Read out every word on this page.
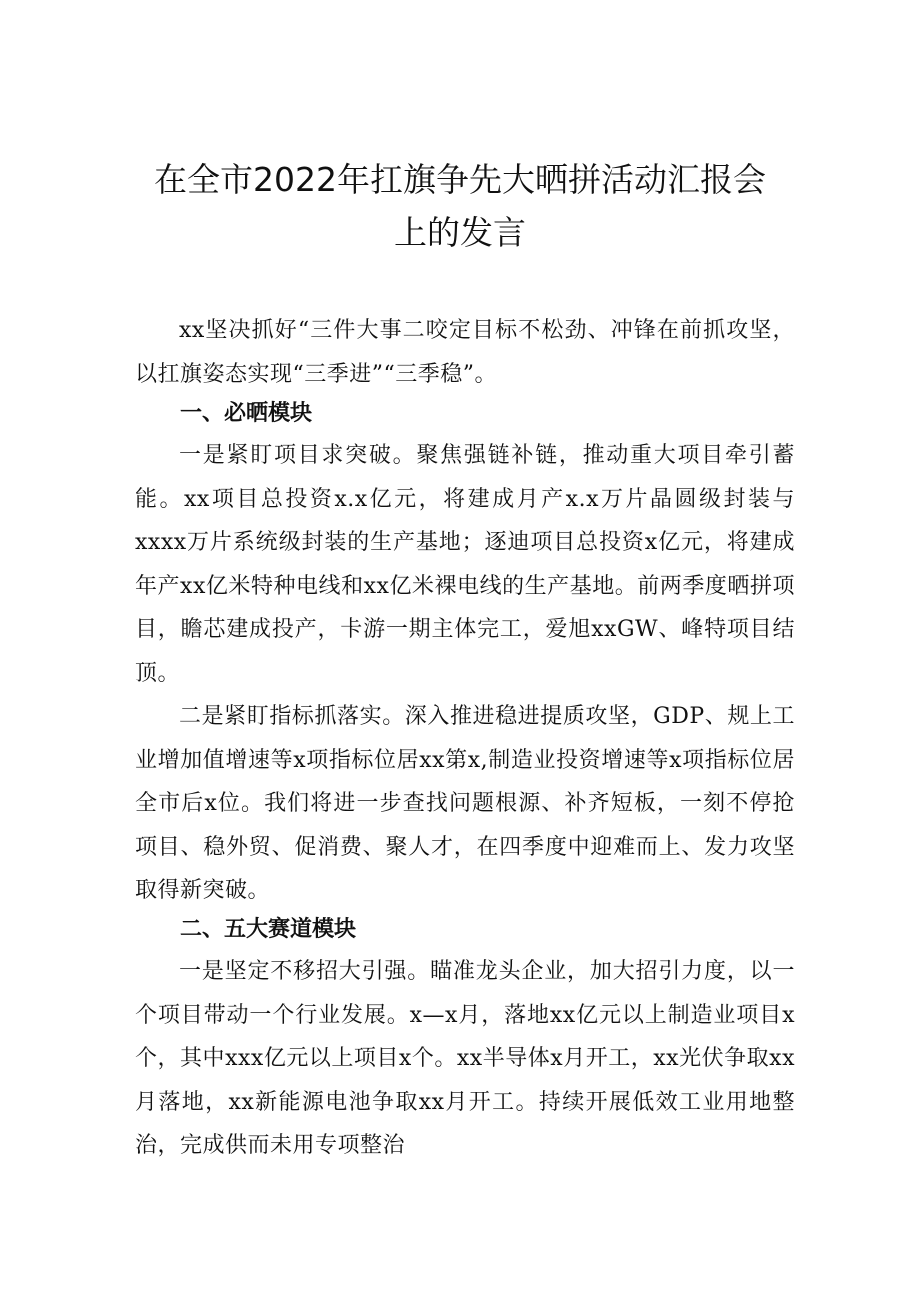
在全市2022年扛旗争先大晒拼活动汇报会
上的发言

xx坚决抓好“三件大事二咬定目标不松劲、冲锋在前抓攻坚，以扛旗姿态实现“三季进”“三季稳”。

一、必晒模块

一是紧盯项目求突破。聚焦强链补链，推动重大项目牵引蓄能。xx项目总投资x.x亿元，将建成月产x.x万片晶圆级封装与xxxx万片系统级封装的生产基地；逐迪项目总投资x亿元，将建成年产xx亿米特种电线和xx亿米裸电线的生产基地。前两季度晒拼项目，瞻芯建成投产，卡游一期主体完工，爱旭xxGW、峰特项目结顶。

二是紧盯指标抓落实。深入推进稳进提质攻坚，GDP、规上工业增加值增速等x项指标位居xx第x,制造业投资增速等x项指标位居全市后x位。我们将进一步查找问题根源、补齐短板，一刻不停抢项目、稳外贸、促消费、聚人才，在四季度中迎难而上、发力攻坚取得新突破。

二、五大赛道模块

一是坚定不移招大引强。瞄准龙头企业，加大招引力度，以一个项目带动一个行业发展。x—x月，落地xx亿元以上制造业项目x个，其中xxx亿元以上项目x个。xx半导体x月开工，xx光伏争取xx月落地，xx新能源电池争取xx月开工。持续开展低效工业用地整治，完成供而未用专项整治
